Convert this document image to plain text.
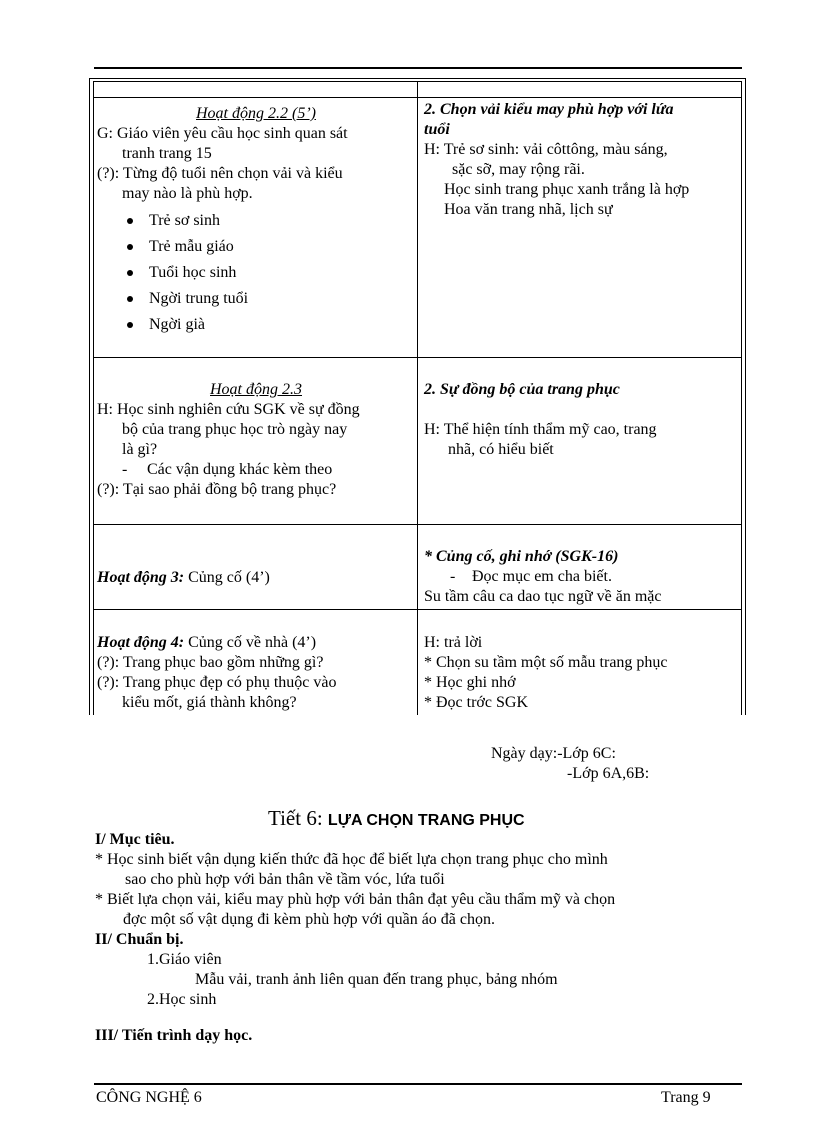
Hoạt động 2.2 (5’)
G: Giáo viên yêu cầu học sinh quan sát
tranh trang 15
(?): Từng độ tuổi nên chọn vải và kiểu
may nào là phù hợp.
Trẻ sơ sinh
Trẻ mẫu giáo
Tuổi học sinh
Ngời trung tuổi
Ngời già
2. Chọn vải kiểu may phù hợp với lứa
tuổi
H: Trẻ sơ sinh: vải côttông, màu sáng,
sặc sỡ, may rộng rãi.
Học sinh trang phục xanh trắng là hợp
Hoa văn trang nhã, lịch sự
Hoạt động 2.3
H: Học sinh nghiên cứu SGK về sự đồng
bộ của trang phục học trò ngày nay
là gì?
- Các vận dụng khác kèm theo
(?): Tại sao phải đồng bộ trang phục?
2. Sự đồng bộ của trang phục
H: Thể hiện tính thẩm mỹ cao, trang
nhã, có hiểu biết
Hoạt động 3: Củng cố (4’)
* Củng cố, ghi nhớ (SGK-16)
- Đọc mục em cha biết.
Su tầm câu ca dao tục ngữ về ăn mặc
Hoạt động 4: Củng cố về nhà (4’)
(?): Trang phục bao gồm những gì?
(?): Trang phục đẹp có phụ thuộc vào
kiểu mốt, giá thành không?
H: trả lời
* Chọn su tầm một số mẫu trang phục
* Học ghi nhớ
* Đọc trớc SGK
Ngày dạy:-Lớp 6C:
-Lớp 6A,6B:
Tiết 6: LỰA CHỌN TRANG PHỤC
I/ Mục tiêu.
* Học sinh biết vận dụng kiến thức đã học để biết lựa chọn trang phục cho mình
sao cho phù hợp với bản thân về tầm vóc, lứa tuổi
* Biết lựa chọn vải, kiểu may phù hợp với bản thân đạt yêu cầu thẩm mỹ và chọn
đợc một số vật dụng đi kèm phù hợp với quần áo đã chọn.
II/ Chuẩn bị.
1.Giáo viên
Mẫu vải, tranh ảnh liên quan đến trang phục, bảng nhóm
2.Học sinh
III/ Tiến trình dạy học.
CÔNG NGHỆ 6	Trang 9
